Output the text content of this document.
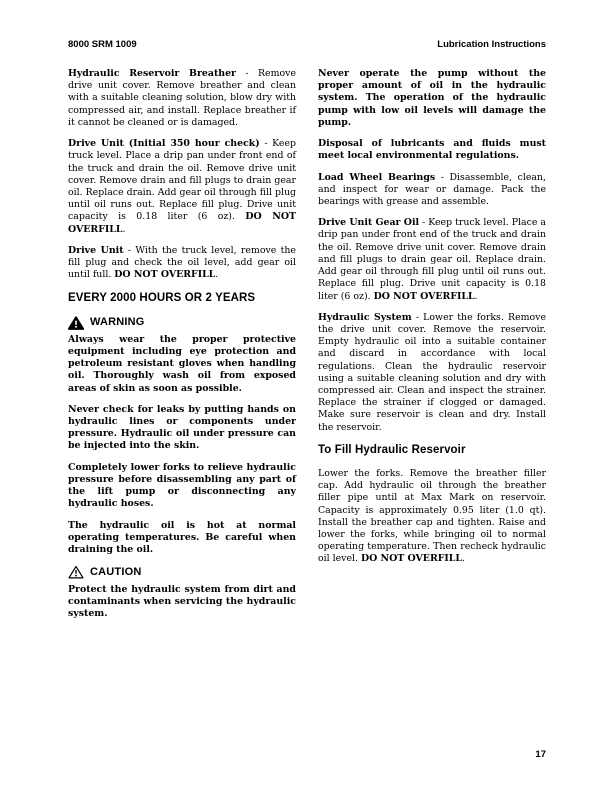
8000 SRM 1009	Lubrication Instructions

Hydraulic Reservoir Breather - Remove drive unit cover. Remove breather and clean with a suitable cleaning solution, blow dry with compressed air, and install. Replace breather if it cannot be cleaned or is damaged.

Drive Unit (Initial 350 hour check) - Keep truck level. Place a drip pan under front end of the truck and drain the oil. Remove drive unit cover. Remove drain and fill plugs to drain gear oil. Replace drain. Add gear oil through fill plug until oil runs out. Replace fill plug. Drive unit capacity is 0.18 liter (6 oz). DO NOT OVERFILL.

Drive Unit - With the truck level, remove the fill plug and check the oil level, add gear oil until full. DO NOT OVERFILL.

EVERY 2000 HOURS OR 2 YEARS
WARNING

Always wear the proper protective equipment including eye protection and petroleum resistant gloves when handling oil. Thoroughly wash oil from exposed areas of skin as soon as possible.

Never check for leaks by putting hands on hydraulic lines or components under pressure. Hydraulic oil under pressure can be injected into the skin.

Completely lower forks to relieve hydraulic pressure before disassembling any part of the lift pump or disconnecting any hydraulic hoses.

The hydraulic oil is hot at normal operating temperatures. Be careful when draining the oil.

CAUTION

Protect the hydraulic system from dirt and contaminants when servicing the hydraulic system.

Never operate the pump without the proper amount of oil in the hydraulic system. The operation of the hydraulic pump with low oil levels will damage the pump.

Disposal of lubricants and fluids must meet local environmental regulations.

Load Wheel Bearings - Disassemble, clean, and inspect for wear or damage. Pack the bearings with grease and assemble.

Drive Unit Gear Oil - Keep truck level. Place a drip pan under front end of the truck and drain the oil. Remove drive unit cover. Remove drain and fill plugs to drain gear oil. Replace drain. Add gear oil through fill plug until oil runs out. Replace fill plug. Drive unit capacity is 0.18 liter (6 oz). DO NOT OVERFILL.

Hydraulic System - Lower the forks. Remove the drive unit cover. Remove the reservoir. Empty hydraulic oil into a suitable container and discard in accordance with local regulations. Clean the hydraulic reservoir using a suitable cleaning solution and dry with compressed air. Clean and inspect the strainer. Replace the strainer if clogged or damaged. Make sure reservoir is clean and dry. Install the reservoir.

To Fill Hydraulic Reservoir

Lower the forks. Remove the breather filler cap. Add hydraulic oil through the breather filler pipe until at Max Mark on reservoir. Capacity is approximately 0.95 liter (1.0 qt). Install the breather cap and tighten. Raise and lower the forks, while bringing oil to normal operating temperature. Then recheck hydraulic oil level. DO NOT OVERFILL.

17
